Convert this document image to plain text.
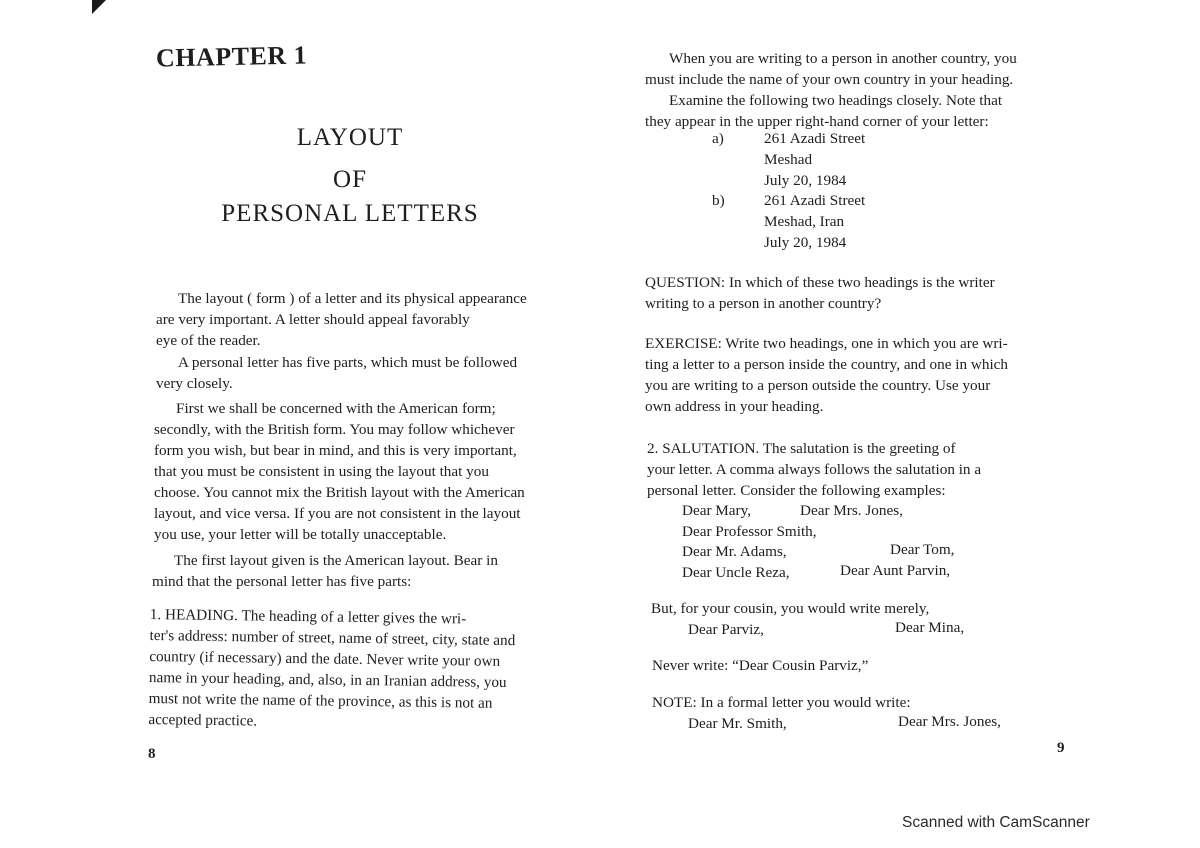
CHAPTER 1
LAYOUT
OF
PERSONAL LETTERS
The layout ( form ) of a letter and its physical appearance
are very important. A letter should appeal favorably
eye of the reader.
A personal letter has five parts, which must be followed
very closely.
First we shall be concerned with the American form;
secondly, with the British form. You may follow whichever
form you wish, but bear in mind, and this is very important,
that you must be consistent in using the layout that you
choose. You cannot mix the British layout with the American
layout, and vice versa. If you are not consistent in the layout
you use, your letter will be totally unacceptable.
The first layout given is the American layout. Bear in
mind that the personal letter has five parts:
1. HEADING. The heading of a letter gives the wri-
ter's address: number of street, name of street, city, state and
country (if necessary) and the date. Never write your own
name in your heading, and, also, in an Iranian address, you
must not write the name of the province, as this is not an
accepted practice.
8
When you are writing to a person in another country, you
must include the name of your own country in your heading.
Examine the following two headings closely. Note that
they appear in the upper right-hand corner of your letter:
a)	261 Azadi Street
Meshad
July 20, 1984
b)	261 Azadi Street
Meshad, Iran
July 20, 1984
QUESTION: In which of these two headings is the writer
writing to a person in another country?
EXERCISE: Write two headings, one in which you are wri-
ting a letter to a person inside the country, and one in which
you are writing to a person outside the country. Use your
own address in your heading.
2. SALUTATION. The salutation is the greeting of
your letter. A comma always follows the salutation in a
personal letter. Consider the following examples:
Dear Mary,	Dear Mrs. Jones,
Dear Professor Smith,
Dear Mr. Adams,	Dear Tom,
Dear Uncle Reza,	Dear Aunt Parvin,
But, for your cousin, you would write merely,
Dear Parviz,	Dear Mina,
Never write: “Dear Cousin Parviz,”
NOTE: In a formal letter you would write:
Dear Mr. Smith,	Dear Mrs. Jones,
9
Scanned with CamScanner
